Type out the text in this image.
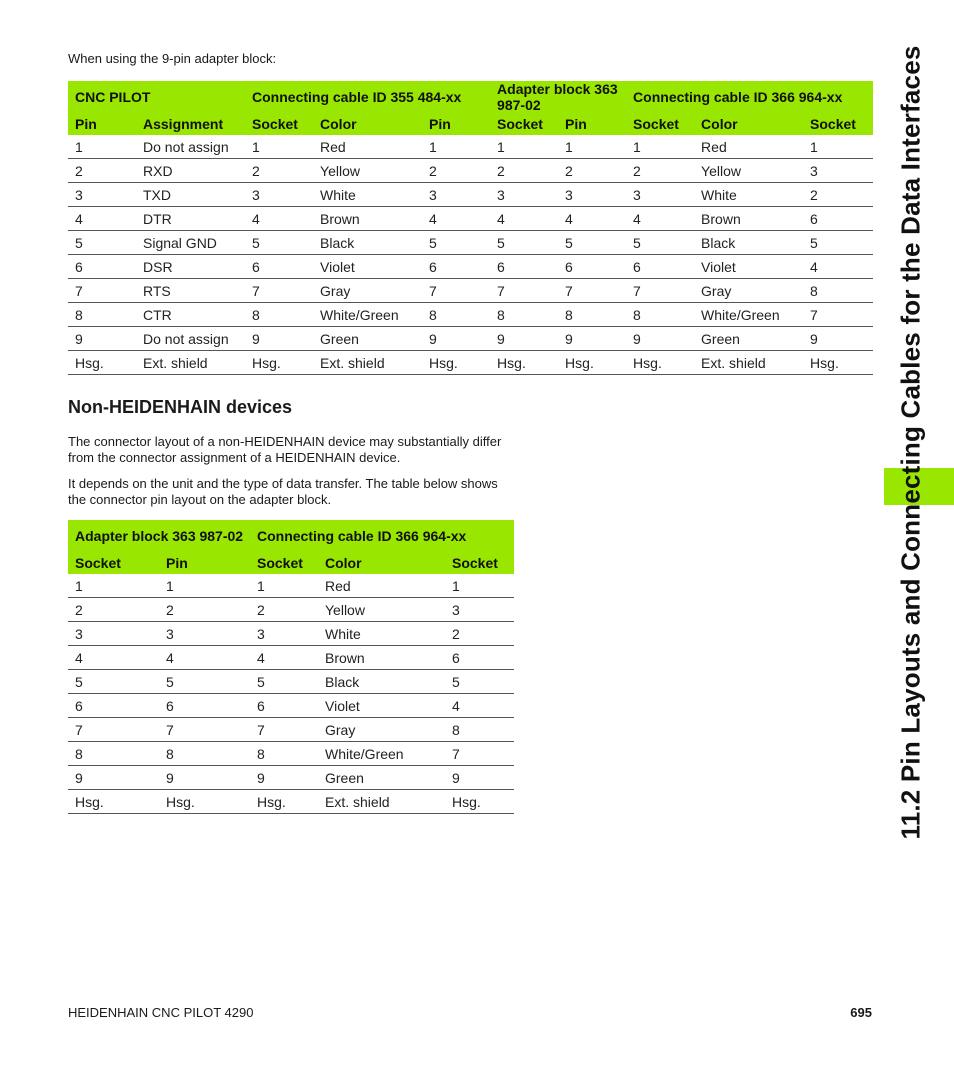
When using the 9-pin adapter block:
CNC PILOT		Connecting cable ID 355 484-xx			Adapter block 363 987-02		Connecting cable ID 366 964-xx		
Pin	Assignment	Socket	Color	Pin	Socket	Pin	Socket	Color	Socket
1	Do not assign	1	Red	1	1	1	1	Red	1
2	RXD	2	Yellow	2	2	2	2	Yellow	3
3	TXD	3	White	3	3	3	3	White	2
4	DTR	4	Brown	4	4	4	4	Brown	6
5	Signal GND	5	Black	5	5	5	5	Black	5
6	DSR	6	Violet	6	6	6	6	Violet	4
7	RTS	7	Gray	7	7	7	7	Gray	8
8	CTR	8	White/Green	8	8	8	8	White/Green	7
9	Do not assign	9	Green	9	9	9	9	Green	9
Hsg.	Ext. shield	Hsg.	Ext. shield	Hsg.	Hsg.	Hsg.	Hsg.	Ext. shield	Hsg.
Non-HEIDENHAIN devices

The connector layout of a non-HEIDENHAIN device may substantially differ from the connector assignment of a HEIDENHAIN device.

It depends on the unit and the type of data transfer. The table below shows the connector pin layout on the adapter block.

Adapter block 363 987-02		Connecting cable ID 366 964-xx		
Socket	Pin	Socket	Color	Socket
1	1	1	Red	1
2	2	2	Yellow	3
3	3	3	White	2
4	4	4	Brown	6
5	5	5	Black	5
6	6	6	Violet	4
7	7	7	Gray	8
8	8	8	White/Green	7
9	9	9	Green	9
Hsg.	Hsg.	Hsg.	Ext. shield	Hsg.	11.2 Pin Layouts and Connecting Cables for the Data Interfaces
HEIDENHAIN CNC PILOT 4290	695
